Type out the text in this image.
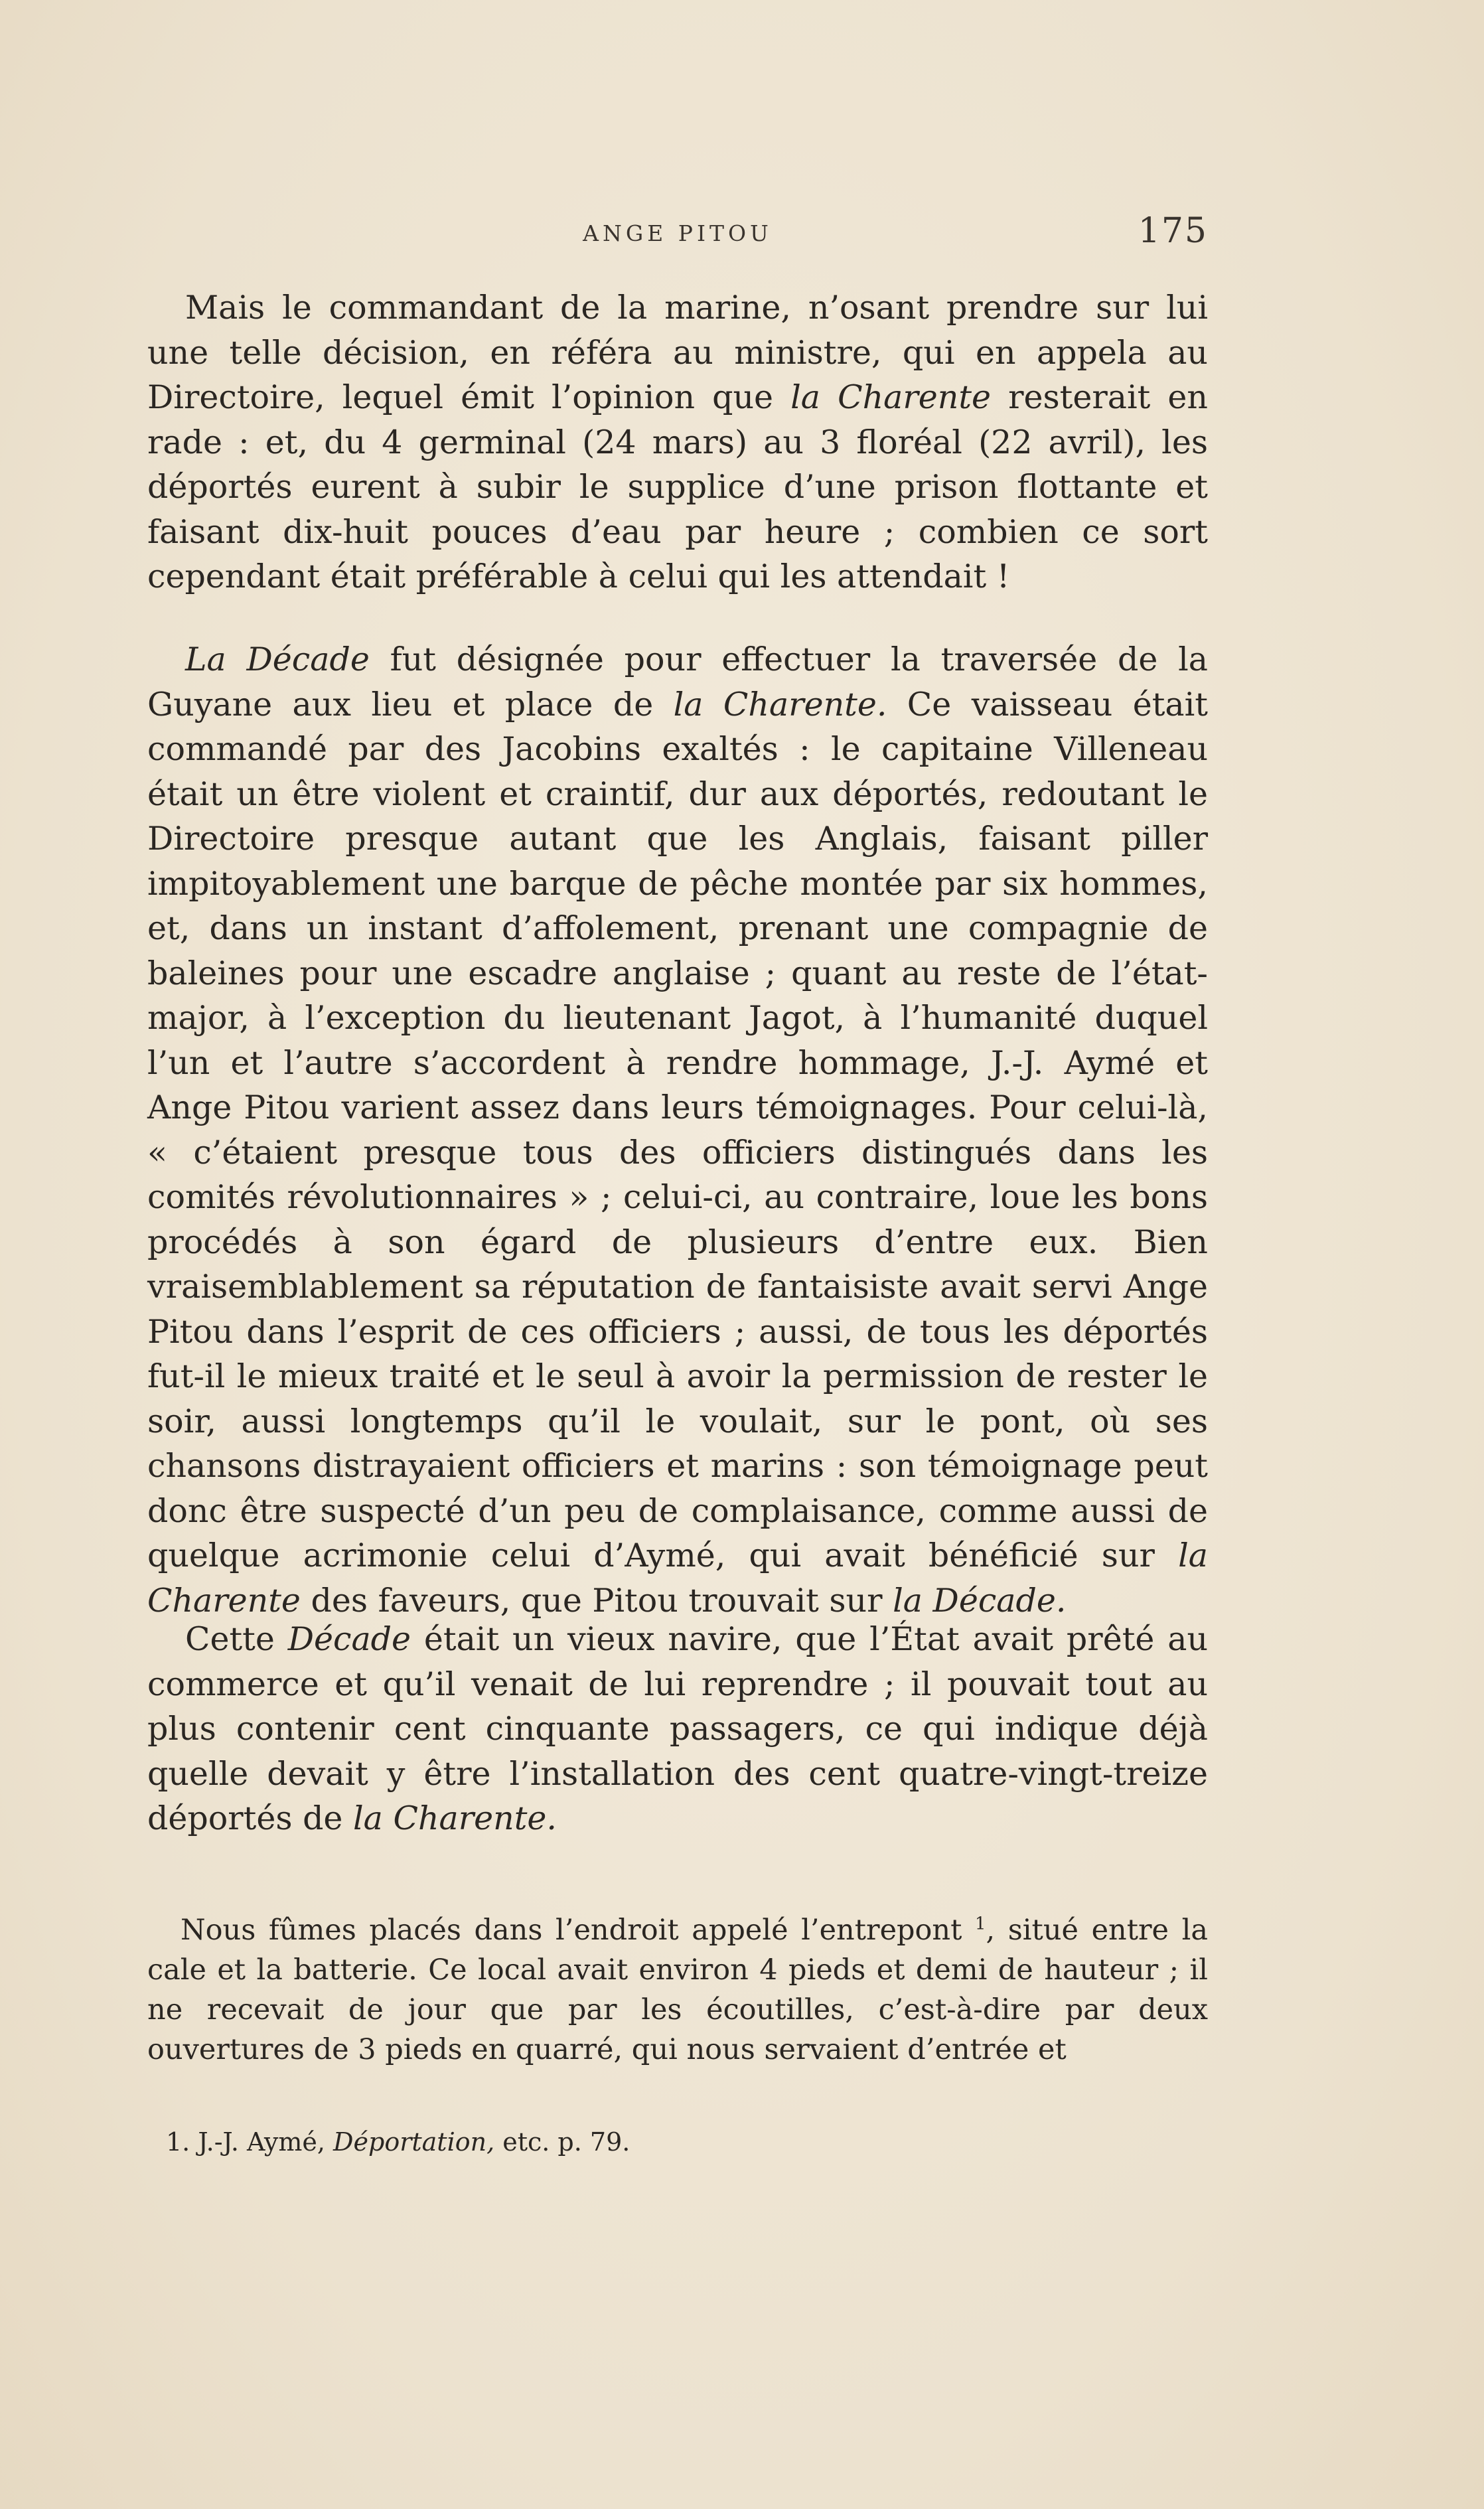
ANGE PITOU	175

Mais le commandant de la marine, n’osant prendre sur lui une telle décision, en référa au ministre, qui en appela au Directoire, lequel émit l’opinion que la Charente resterait en rade : et, du 4 germinal (24 mars) au 3 floréal (22 avril), les déportés eurent à subir le supplice d’une prison flottante et faisant dix-huit pouces d’eau par heure ; combien ce sort cependant était préférable à celui qui les attendait !

La Décade fut désignée pour effectuer la traversée de la Guyane aux lieu et place de la Charente. Ce vaisseau était commandé par des Jacobins exaltés : le capitaine Villeneau était un être violent et craintif, dur aux déportés, redoutant le Directoire presque autant que les Anglais, faisant piller impitoyablement une barque de pêche montée par six hommes, et, dans un instant d’affolement, prenant une compagnie de baleines pour une escadre anglaise ; quant au reste de l’état-major, à l’exception du lieutenant Jagot, à l’humanité duquel l’un et l’autre s’accordent à rendre hommage, J.-J. Aymé et Ange Pitou varient assez dans leurs témoignages. Pour celui-là, « c’étaient presque tous des officiers distingués dans les comités révolutionnaires » ; celui-ci, au contraire, loue les bons procédés à son égard de plusieurs d’entre eux. Bien vraisemblablement sa réputation de fantaisiste avait servi Ange Pitou dans l’esprit de ces officiers ; aussi, de tous les déportés fut-il le mieux traité et le seul à avoir la permission de rester le soir, aussi longtemps qu’il le voulait, sur le pont, où ses chansons distrayaient officiers et marins : son témoignage peut donc être suspecté d’un peu de complaisance, comme aussi de quelque acrimonie celui d’Aymé, qui avait bénéficié sur la Charente des faveurs, que Pitou trouvait sur la Décade.

Cette Décade était un vieux navire, que l’État avait prêté au commerce et qu’il venait de lui reprendre ; il pouvait tout au plus contenir cent cinquante passagers, ce qui indique déjà quelle devait y être l’installation des cent quatre-vingt-treize déportés de la Charente.

Nous fûmes placés dans l’endroit appelé l’entrepont $^1$, situé entre la cale et la batterie. Ce local avait environ 4 pieds et demi de hauteur ; il ne recevait de jour que par les écoutilles, c’est-à-dire par deux ouvertures de 3 pieds en quarré, qui nous servaient d’entrée et

1. J.-J. Aymé, Déportation, etc. p. 79.
